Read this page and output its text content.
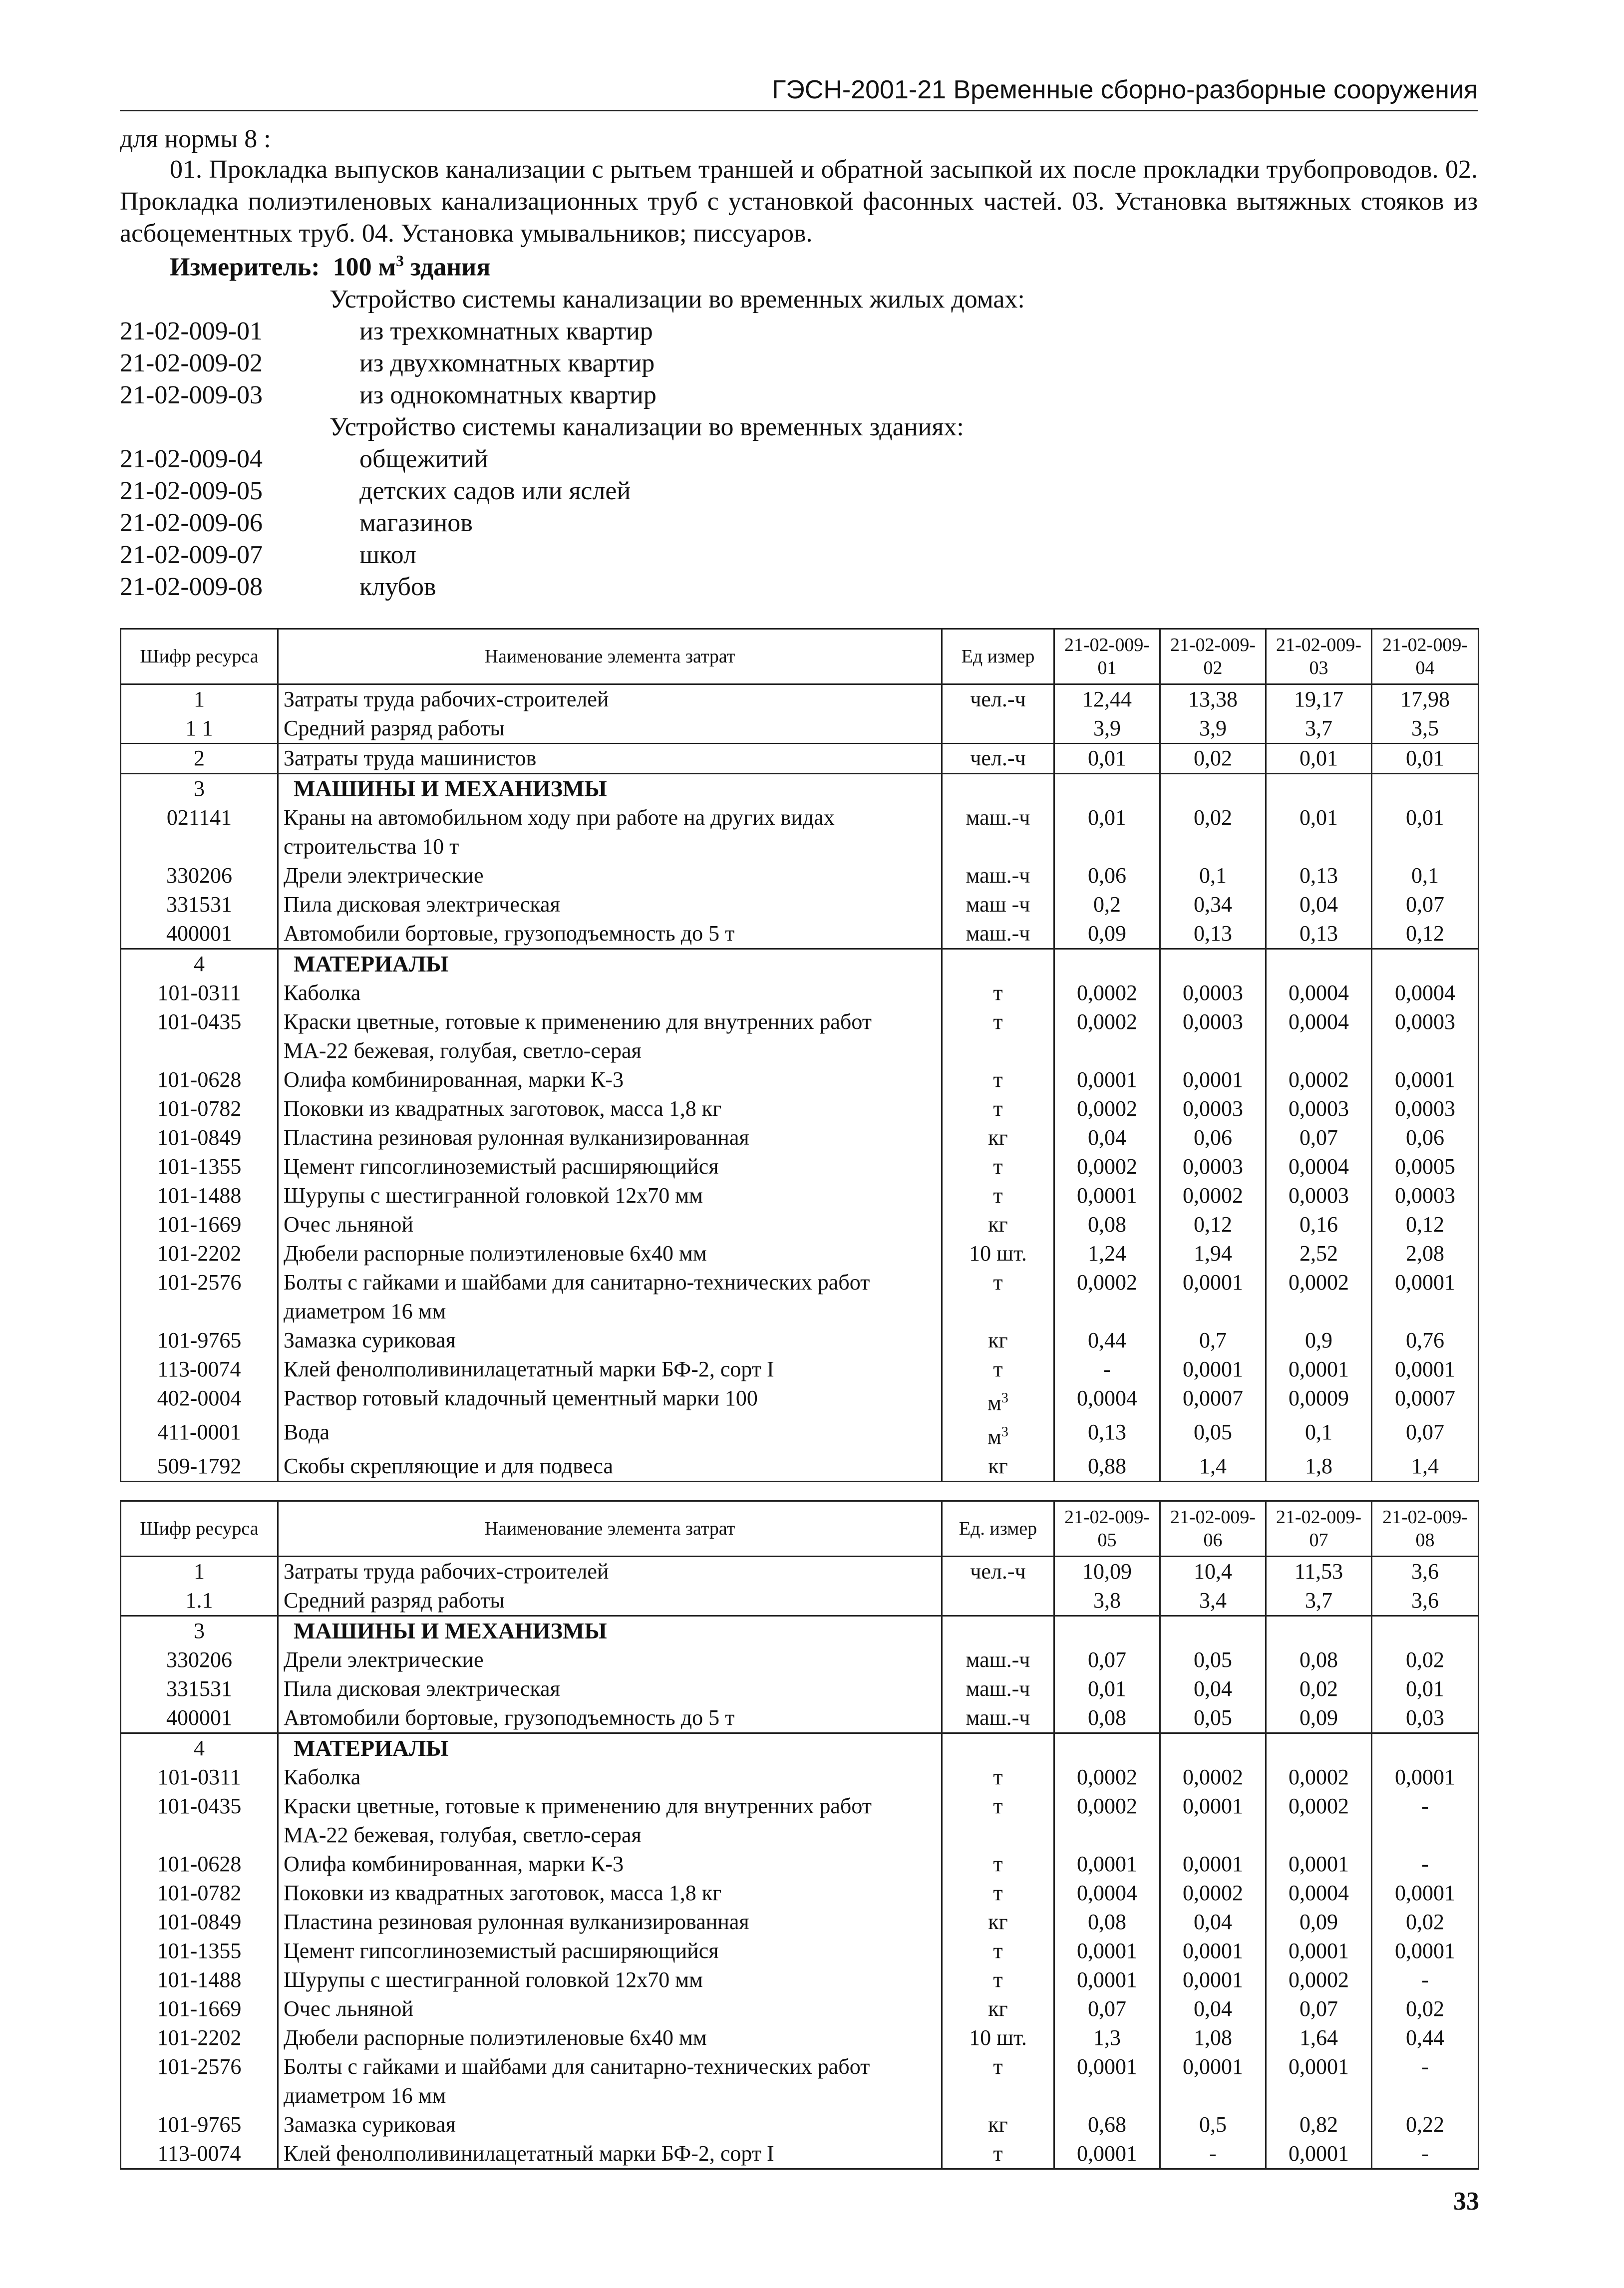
ГЭСН-2001-21 Временные сборно-разборные сооружения
для нормы 8 :

01. Прокладка выпусков канализации с рытьем траншей и обратной засыпкой их после прокладки трубопроводов. 02. Прокладка полиэтиленовых канализационных труб с установкой фасонных частей. 03. Установка вытяжных стояков из асбоцементных труб. 04. Установка умывальников; писсуаров.

Измеритель: 100 $м^3$ здания
Устройство системы канализации во временных жилых домах:
21-02-009-01	из трехкомнатных квартир
21-02-009-02	из двухкомнатных квартир
21-02-009-03	из однокомнатных квартир
Устройство системы канализации во временных зданиях:
21-02-009-04	общежитий
21-02-009-05	детских садов или яслей
21-02-009-06	магазинов
21-02-009-07	школ
21-02-009-08	клубов
Шифр ресурса	Наименование элемента затрат	Ед измер	21-02-009-01	21-02-009-02	21-02-009-03	21-02-009-04
1	Затраты труда рабочих-строителей	чел.-ч	12,44	13,38	19,17	17,98
1 1	Средний разряд работы		3,9	3,9	3,7	3,5
2	Затраты труда машинистов	чел.-ч	0,01	0,02	0,01	0,01
3	МАШИНЫ И МЕХАНИЗМЫ					
021141	Краны на автомобильном ходу при работе на других видах строительства 10 т	маш.-ч	0,01	0,02	0,01	0,01
330206	Дрели электрические	маш.-ч	0,06	0,1	0,13	0,1
331531	Пила дисковая электрическая	маш -ч	0,2	0,34	0,04	0,07
400001	Автомобили бортовые, грузоподъемность до 5 т	маш.-ч	0,09	0,13	0,13	0,12
4	МАТЕРИАЛЫ					
101-0311	Каболка	т	0,0002	0,0003	0,0004	0,0004
101-0435	Краски цветные, готовые к применению для внутренних работ МА-22 бежевая, голубая, светло-серая	т	0,0002	0,0003	0,0004	0,0003
101-0628	Олифа комбинированная, марки К-3	т	0,0001	0,0001	0,0002	0,0001
101-0782	Поковки из квадратных заготовок, масса 1,8 кг	т	0,0002	0,0003	0,0003	0,0003
101-0849	Пластина резиновая рулонная вулканизированная	кг	0,04	0,06	0,07	0,06
101-1355	Цемент гипсоглиноземистый расширяющийся	т	0,0002	0,0003	0,0004	0,0005
101-1488	Шурупы с шестигранной головкой 12х70 мм	т	0,0001	0,0002	0,0003	0,0003
101-1669	Очес льняной	кг	0,08	0,12	0,16	0,12
101-2202	Дюбели распорные полиэтиленовые 6х40 мм	10 шт.	1,24	1,94	2,52	2,08
101-2576	Болты с гайками и шайбами для санитарно-технических работ диаметром 16 мм	т	0,0002	0,0001	0,0002	0,0001
101-9765	Замазка суриковая	кг	0,44	0,7	0,9	0,76
113-0074	Клей фенолполивинилацетатный марки БФ-2, сорт I	т	-	0,0001	0,0001	0,0001
402-0004	Раствор готовый кладочный цементный марки 100	$м^3$	0,0004	0,0007	0,0009	0,0007
411-0001	Вода	$м^3$	0,13	0,05	0,1	0,07
509-1792	Скобы скрепляющие и для подвеса	кг	0,88	1,4	1,8	1,4
Шифр ресурса	Наименование элемента затрат	Ед. измер	21-02-009-05	21-02-009-06	21-02-009-07	21-02-009-08
1	Затраты труда рабочих-строителей	чел.-ч	10,09	10,4	11,53	3,6
1.1	Средний разряд работы		3,8	3,4	3,7	3,6
3	МАШИНЫ И МЕХАНИЗМЫ					
330206	Дрели электрические	маш.-ч	0,07	0,05	0,08	0,02
331531	Пила дисковая электрическая	маш.-ч	0,01	0,04	0,02	0,01
400001	Автомобили бортовые, грузоподъемность до 5 т	маш.-ч	0,08	0,05	0,09	0,03
4	МАТЕРИАЛЫ					
101-0311	Каболка	т	0,0002	0,0002	0,0002	0,0001
101-0435	Краски цветные, готовые к применению для внутренних работ МА-22 бежевая, голубая, светло-серая	т	0,0002	0,0001	0,0002	-
101-0628	Олифа комбинированная, марки К-3	т	0,0001	0,0001	0,0001	-
101-0782	Поковки из квадратных заготовок, масса 1,8 кг	т	0,0004	0,0002	0,0004	0,0001
101-0849	Пластина резиновая рулонная вулканизированная	кг	0,08	0,04	0,09	0,02
101-1355	Цемент гипсоглиноземистый расширяющийся	т	0,0001	0,0001	0,0001	0,0001
101-1488	Шурупы с шестигранной головкой 12х70 мм	т	0,0001	0,0001	0,0002	-
101-1669	Очес льняной	кг	0,07	0,04	0,07	0,02
101-2202	Дюбели распорные полиэтиленовые 6х40 мм	10 шт.	1,3	1,08	1,64	0,44
101-2576	Болты с гайками и шайбами для санитарно-технических работ диаметром 16 мм	т	0,0001	0,0001	0,0001	-
101-9765	Замазка суриковая	кг	0,68	0,5	0,82	0,22
113-0074	Клей фенолполивинилацетатный марки БФ-2, сорт I	т	0,0001	-	0,0001	-
33
